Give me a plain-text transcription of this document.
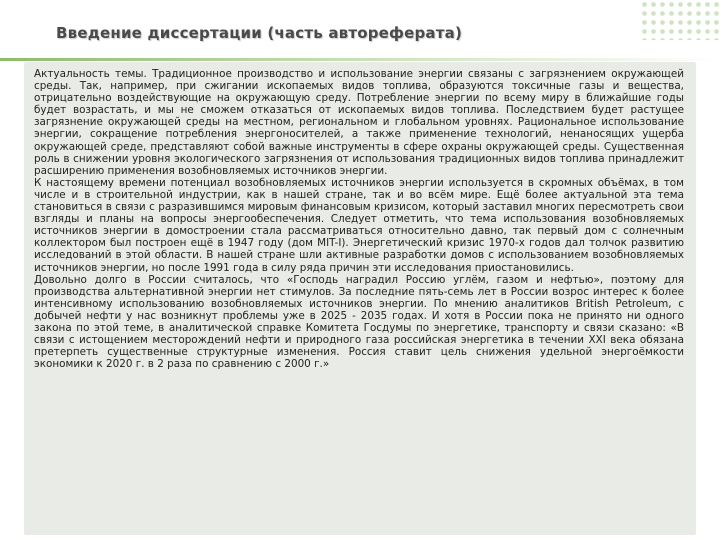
Введение диссертации (часть автореферата)

Актуальность темы. Традиционное производство и использование энергии связаны с загрязнением окружающей среды. Так, например, при сжигании ископаемых видов топлива, образуются токсичные газы и вещества, отрицательно воздействующие на окружающую среду. Потребление энергии по всему миру в ближайшие годы будет возрастать, и мы не сможем отказаться от ископаемых видов топлива. Последствием будет растущее загрязнение окружающей среды на местном, региональном и глобальном уровнях. Рациональное использование энергии, сокращение потребления энергоносителей, а также применение технологий, ненаносящих ущерба окружающей среде, представляют собой важные инструменты в сфере охраны окружающей среды. Существенная роль в снижении уровня экологического загрязнения от использования традиционных видов топлива принадлежит расширению применения возобновляемых источников энергии.

К настоящему времени потенциал возобновляемых источников энергии используется в скромных объёмах, в том числе и в строительной индустрии, как в нашей стране, так и во всём мире. Ещё более актуальной эта тема становиться в связи с разразившимся мировым финансовым кризисом, который заставил многих пересмотреть свои взгляды и планы на вопросы энергообеспечения. Следует отметить, что тема использования возобновляемых источников энергии в домостроении стала рассматриваться относительно давно, так первый дом с солнечным коллектором был построен ещё в 1947 году (дом MIT-I). Энергетический кризис 1970-х годов дал толчок развитию исследований в этой области. В нашей стране шли активные разработки домов с использованием возобновляемых источников энергии, но после 1991 года в силу ряда причин эти исследования приостановились.

Довольно долго в России считалось, что «Господь наградил Россию углём, газом и нефтью», поэтому для производства альтернативной энергии нет стимулов. За последние пять-семь лет в России возрос интерес к более интенсивному использованию возобновляемых источников энергии. По мнению аналитиков British Petroleum, с добычей нефти у нас возникнут проблемы уже в 2025 - 2035 годах. И хотя в России пока не принято ни одного закона по этой теме, в аналитической справке Комитета Госдумы по энергетике, транспорту и связи сказано: «В связи с истощением месторождений нефти и природного газа российская энергетика в течении XXI века обязана претерпеть существенные структурные изменения. Россия ставит цель снижения удельной энергоёмкости экономики к 2020 г. в 2 раза по сравнению с 2000 г.»
